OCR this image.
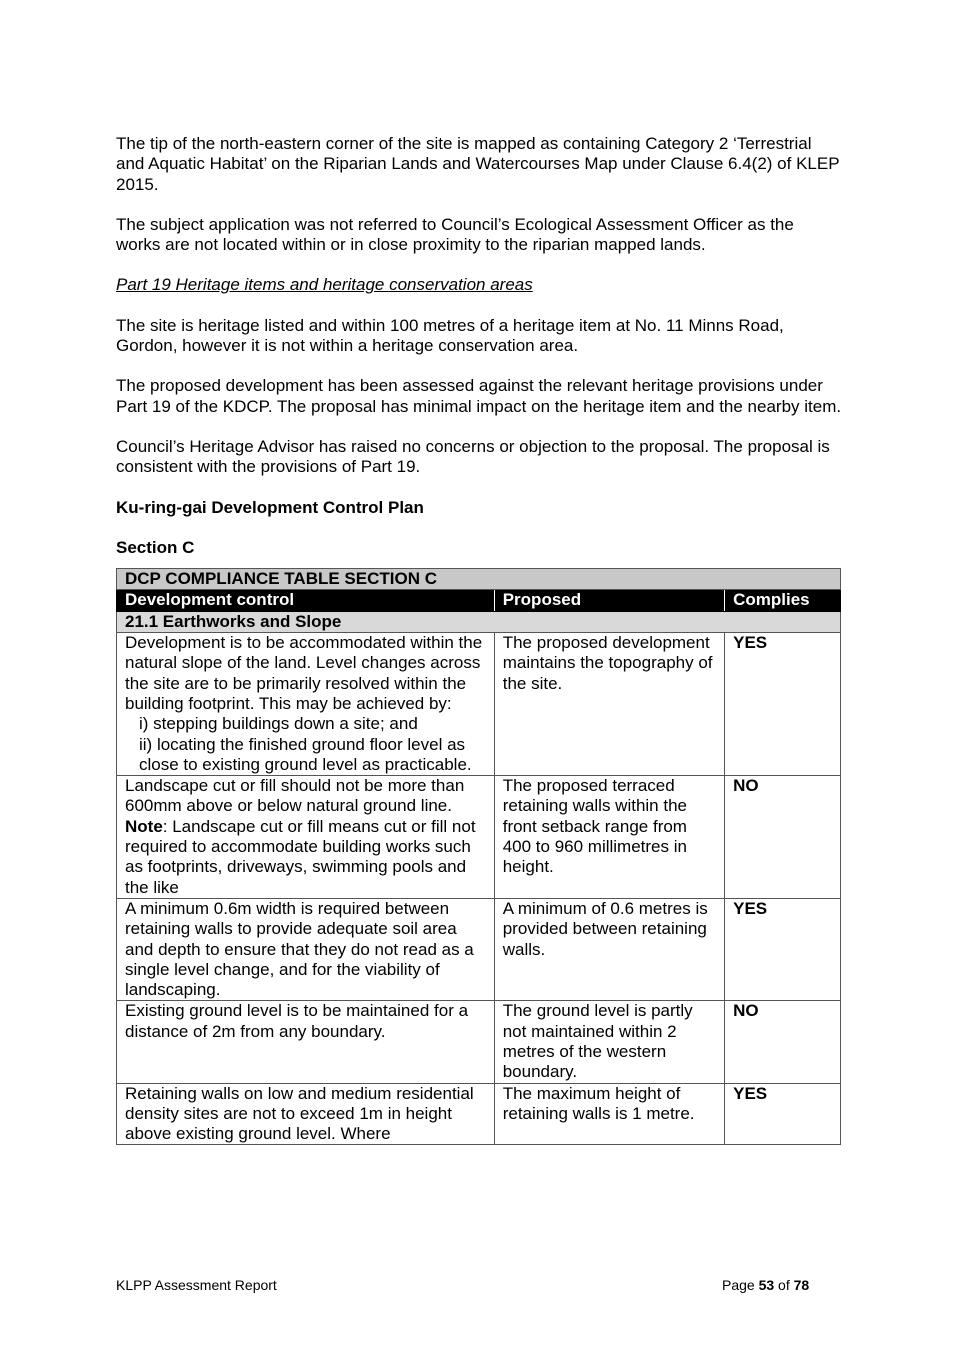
The tip of the north-eastern corner of the site is mapped as containing Category 2 ‘Terrestrial and Aquatic Habitat’ on the Riparian Lands and Watercourses Map under Clause 6.4(2) of KLEP 2015.

The subject application was not referred to Council’s Ecological Assessment Officer as the works are not located within or in close proximity to the riparian mapped lands.

Part 19 Heritage items and heritage conservation areas

The site is heritage listed and within 100 metres of a heritage item at No. 11 Minns Road, Gordon, however it is not within a heritage conservation area.

The proposed development has been assessed against the relevant heritage provisions under Part 19 of the KDCP. The proposal has minimal impact on the heritage item and the nearby item.

Council’s Heritage Advisor has raised no concerns or objection to the proposal. The proposal is consistent with the provisions of Part 19.

Ku-ring-gai Development Control Plan

Section C

DCP COMPLIANCE TABLE SECTION C		
Development control	Proposed	Complies
21.1 Earthworks and Slope		
Development is to be accommodated within the natural slope of the land. Level changes across the site are to be primarily resolved within the building footprint. This may be achieved by:
i) stepping buildings down a site; and
ii) locating the finished ground floor level as close to existing ground level as practicable.	The proposed development maintains the topography of the site.	YES
Landscape cut or fill should not be more than 600mm above or below natural ground line. Note: Landscape cut or fill means cut or fill not required to accommodate building works such as footprints, driveways, swimming pools and the like	The proposed terraced retaining walls within the front setback range from 400 to 960 millimetres in height.	NO
A minimum 0.6m width is required between retaining walls to provide adequate soil area and depth to ensure that they do not read as a single level change, and for the viability of landscaping.	A minimum of 0.6 metres is provided between retaining walls.	YES
Existing ground level is to be maintained for a distance of 2m from any boundary.	The ground level is partly not maintained within 2 metres of the western boundary.	NO
Retaining walls on low and medium residential density sites are not to exceed 1m in height above existing ground level. Where	The maximum height of retaining walls is 1 metre.	YES
KLPP Assessment Report	Page 53 of 78
